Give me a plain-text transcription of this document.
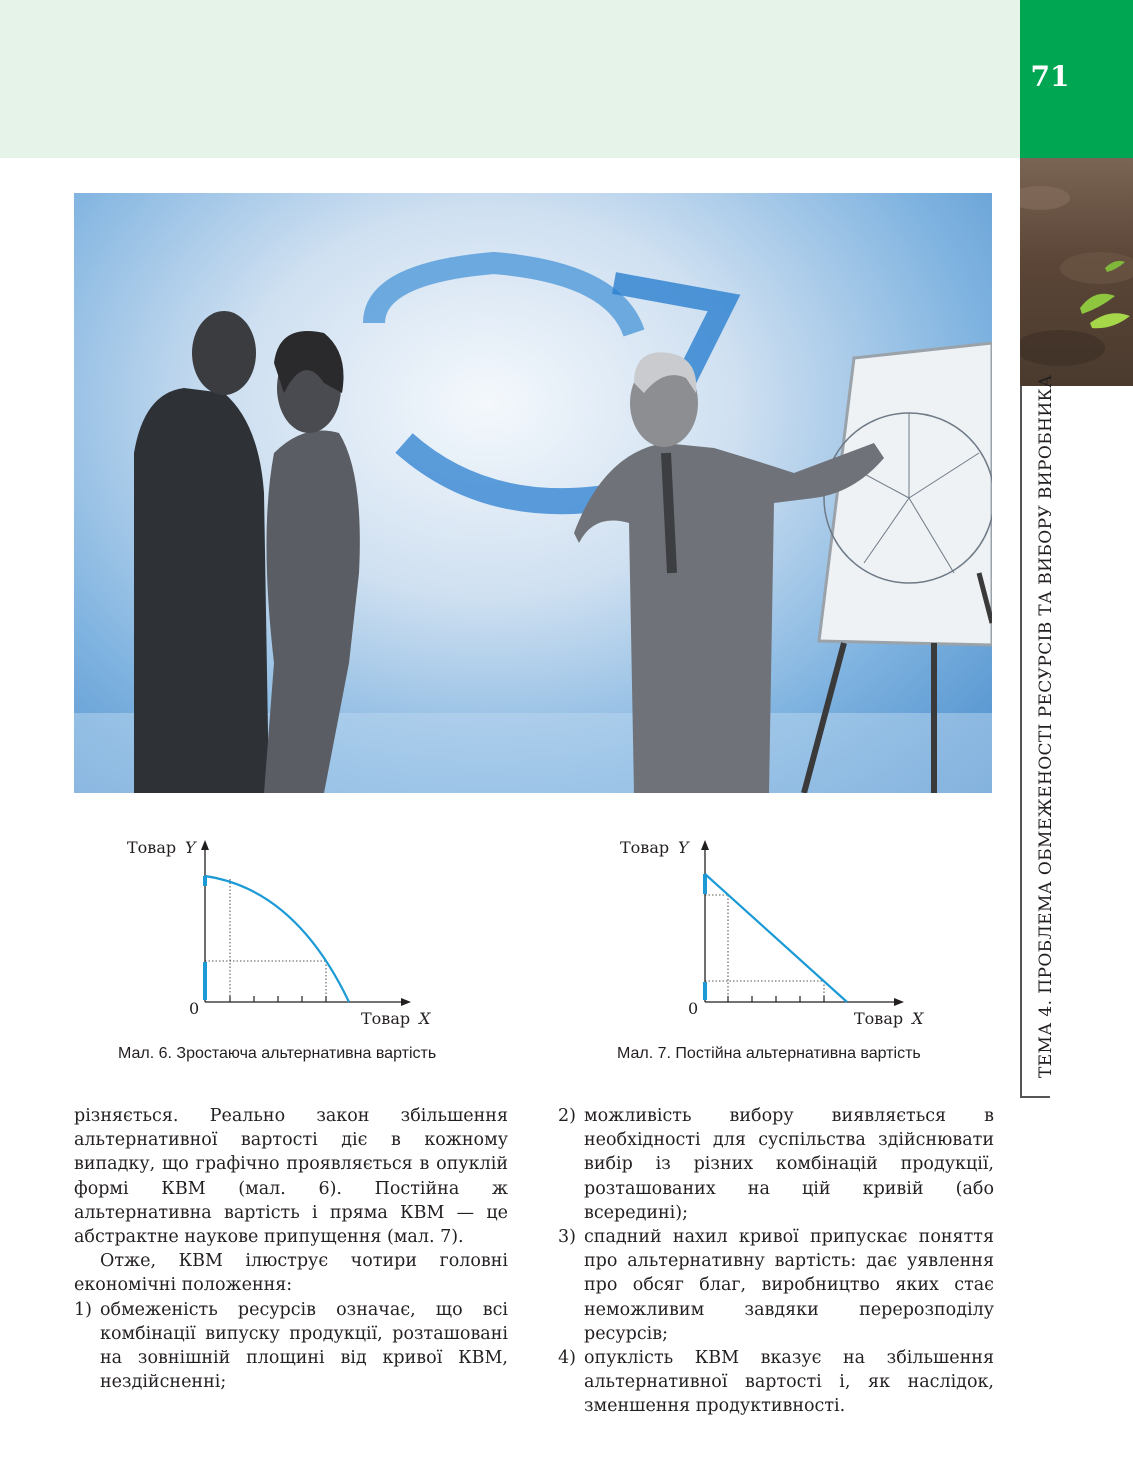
71
ТЕМА 4. ПРОБЛЕМА ОБМЕЖЕНОСТІ РЕСУРСІВ ТА ВИБОРУ ВИРОБНИКА
Товар Y
0
Товар X
Мал. 6. Зростаюча альтернативна вартість
Товар Y
0
Товар X
Мал. 7. Постійна альтернативна вартість

різняється. Реально закон збільшення альтернативної вартості діє в кожному випадку, що графічно проявляється в опуклій формі КВМ (мал. 6). Постійна ж альтернативна вартість і пряма КВМ — це абстрактне наукове припущення (мал. 7).

Отже, КВМ ілюструє чотири головні економічні положення:

1) обмеженість ресурсів означає, що всі комбінації випуску продукції, розташовані на зовнішній площині від кривої КВМ, нездійсненні;
2) можливість вибору виявляється в необхідності для суспільства здійснювати вибір із різних комбінацій продукції, розташованих на цій кривій (або всередині);
3) спадний нахил кривої припускає поняття про альтернативну вартість: дає уявлення про обсяг благ, виробництво яких стає неможливим завдяки перерозподілу ресурсів;
4) опуклість КВМ вказує на збільшення альтернативної вартості і, як наслідок, зменшення продуктивності.
